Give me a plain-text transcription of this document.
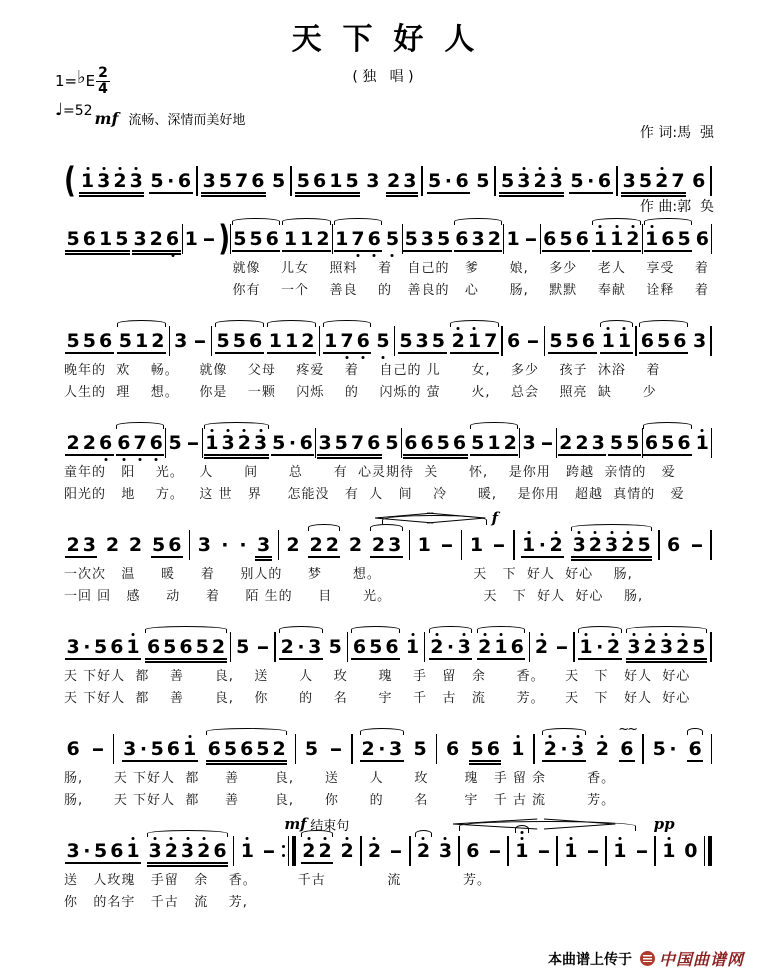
天  下  好  人
( 独   唱 )
1= ♭ E $\frac{2}{4}$
♩=52

作 词:馬  强

作 曲:郭  奂

mf 流畅、深情而美好地

( 1 3 2 3 5 · 6 3 5 7 6 5 5 6 1 5 3 2 3 5 · 6 5 5 3 2 3 5 · 6 3 5 2 7 6
5 6 1 5 3 2 6 1 - ) 5 5 6 1 1 2 1 7 6 5 5 3 5 6 3 2 1 - 6 5 6 1 1 2 1 6 5 6
就像    儿女    照料    着   自己的   爹      娘,    多少    老人    享受    着
你有    一个    善良    的   善良的   心      肠,    默默    奉献    诠释    着
5 5 6 5 1 2 3 - 5 5 6 1 1 2 1 7 6 5 5 3 5 2 1 7 6 - 5 5 6 1 1 6 5 6 3
晚年的  欢    畅。    就像    父母    疼爱    着    自己的 儿      女,    多少    孩子  沐浴    着
人生的  理    想。    你是    一颗    闪烁    的    闪烁的 萤      火,    总会    照亮  缺      少
2 2 6 6 7 6 5 - 1 3 2 3 5 · 6 3 5 7 6 5 6 6 5 6 5 1 2 3 - 2 2 3 5 5 6 5 6 1
童年的   阳    光。   人      间      总      有  心灵期待  关      怀,    是你用   跨越  亲情的   爱
阳光的   地    方。   这 世   界     怎能没   有  人   间    冷      暖,    是你用   超越  真情的   爱
f
2 3 2 2 5 6 3 · · 3 2 2 2 2 2 3 1 - 1 - 1 · 2 3 2 3 2 5 6 -
一次次   温     暖     着     别人的     梦      想。                  天   下  好人  好心    肠,
一回 回   感     动     着     陌 生的     目      光。                  天   下  好人  好心    肠,
3 · 5 6 1 6 5 6 5 2 5 - 2 · 3 5 6 5 6 1 2 · 3 2 1 6 2 - 1 · 2 3 2 3 2 5
天 下好人  都    善      良,    送      人    玫      瑰    手   留   余      香。    天   下   好人  好心
天 下好人  都    善      良,    你      的    名      宇    千   古   流      芳。    天   下   好人  好心
6 - 3 · 5 6 1 6 5 6 5 2 5 - 2 · 3 5 6 5 6 1 2 · 3 2 6
~~
5 · 6
肠,      天 下好人  都     善       良,      送      人      玫       瑰   手 留 余        香。
肠,      天 下好人  都     善       良,      你      的      名       宇   千 古 流        芳。
mf 结束句	pp
3 · 5 6 1 3 2 3 2 6 1 -	2 2 2 2 - 2 3 6 - 1 - 1 - 1 - 1 0
送   人玫瑰   手留   余    香。        千古            流            芳。
你   的名宇   千古   流    芳,
本曲谱上传于 中国曲谱网
